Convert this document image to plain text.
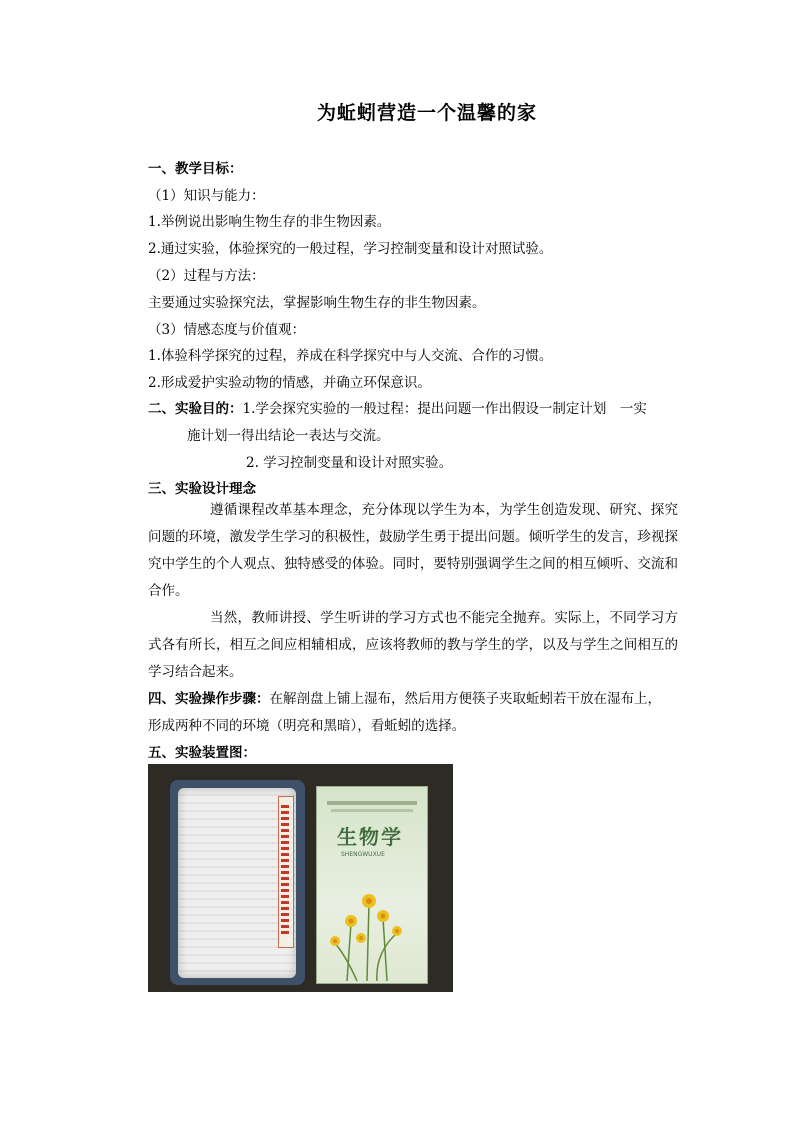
为蚯蚓营造一个温馨的家
一、教学目标：
（1）知识与能力：
1.举例说出影响生物生存的非生物因素。
2.通过实验，体验探究的一般过程，学习控制变量和设计对照试验。
（2）过程与方法：
主要通过实验探究法，掌握影响生物生存的非生物因素。
（3）情感态度与价值观：
1.体验科学探究的过程，养成在科学探究中与人交流、合作的习惯。
2.形成爱护实验动物的情感，并确立环保意识。
二、实验目的：1.学会探究实验的一般过程：提出问题一作出假设一制定计划　一实
施计划一得出结论一表达与交流。
2. 学习控制变量和设计对照实验。
三、实验设计理念
遵循课程改革基本理念，充分体现以学生为本，为学生创造发现、研究、探究问题的环境，激发学生学习的积极性，鼓励学生勇于提出问题。倾听学生的发言，珍视探究中学生的个人观点、独特感受的体验。同时，要特别强调学生之间的相互倾听、交流和合作。
当然，教师讲授、学生听讲的学习方式也不能完全抛弃。实际上，不同学习方式各有所长，相互之间应相辅相成，应该将教师的教与学生的学，以及与学生之间相互的学习结合起来。
四、实验操作步骤：在解剖盘上铺上湿布，然后用方便筷子夹取蚯蚓若干放在湿布上，
形成两种不同的环境（明亮和黑暗），看蚯蚓的选择。
五、实验装置图：
生物学
SHENGWUXUE
